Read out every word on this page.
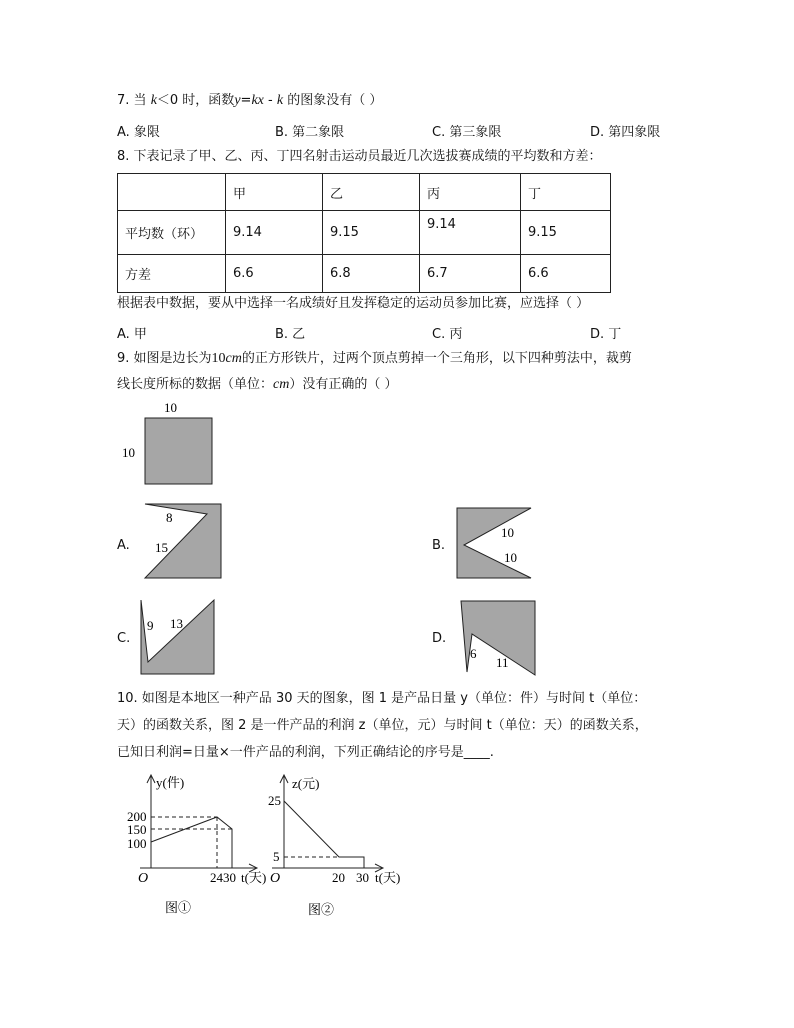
7. 当 k＜0 时，函数y=kx - k 的图象没有（ ）
A. 象限	B. 第二象限	C. 第三象限	D. 第四象限
8. 下表记录了甲、乙、丙、丁四名射击运动员最近几次选拔赛成绩的平均数和方差：
	甲	乙	丙	丁
平均数（环）	9.14	9.15	9.14	9.15
方差	6.6	6.8	6.7	6.6
根据表中数据，要从中选择一名成绩好且发挥稳定的运动员参加比赛，应选择（ ）
A. 甲	B. 乙	C. 丙	D. 丁
9. 如图是边长为10cm的正方形铁片，过两个顶点剪掉一个三角形，以下四种剪法中，裁剪
线长度所标的数据（单位：cm）没有正确的（ ）
10
10
A.
8
15	B.
10
10
C.
9 13
D.
6
11
10. 如图是本地区一种产品 30 天的图象，图 1 是产品日量 y（单位：件）与时间 t（单位：
天）的函数关系，图 2 是一件产品的利润 z（单位，元）与时间 t（单位：天）的函数关系，
已知日利润=日量×一件产品的利润，下列正确结论的序号是____.
y(件)
200
150
100
O	2430 t(天)
图①
z(元)
25
5
O	20 30 t(天)
图②
